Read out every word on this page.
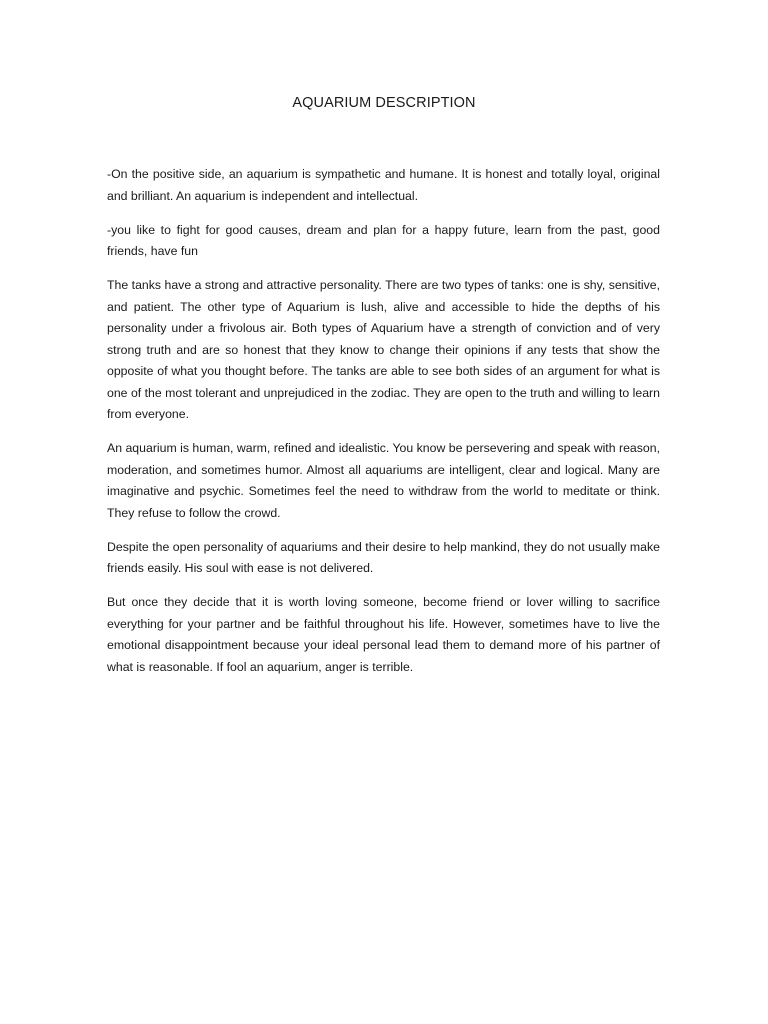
AQUARIUM DESCRIPTION

-On the positive side, an aquarium is sympathetic and humane. It is honest and totally loyal, original and brilliant. An aquarium is independent and intellectual.

-you like to fight for good causes, dream and plan for a happy future, learn from the past, good friends, have fun

The tanks have a strong and attractive personality. There are two types of tanks: one is shy, sensitive, and patient. The other type of Aquarium is lush, alive and accessible to hide the depths of his personality under a frivolous air. Both types of Aquarium have a strength of conviction and of very strong truth and are so honest that they know to change their opinions if any tests that show the opposite of what you thought before. The tanks are able to see both sides of an argument for what is one of the most tolerant and unprejudiced in the zodiac. They are open to the truth and willing to learn from everyone.

An aquarium is human, warm, refined and idealistic. You know be persevering and speak with reason, moderation, and sometimes humor. Almost all aquariums are intelligent, clear and logical. Many are imaginative and psychic. Sometimes feel the need to withdraw from the world to meditate or think. They refuse to follow the crowd.

Despite the open personality of aquariums and their desire to help mankind, they do not usually make friends easily. His soul with ease is not delivered.

But once they decide that it is worth loving someone, become friend or lover willing to sacrifice everything for your partner and be faithful throughout his life. However, sometimes have to live the emotional disappointment because your ideal personal lead them to demand more of his partner of what is reasonable. If fool an aquarium, anger is terrible.
